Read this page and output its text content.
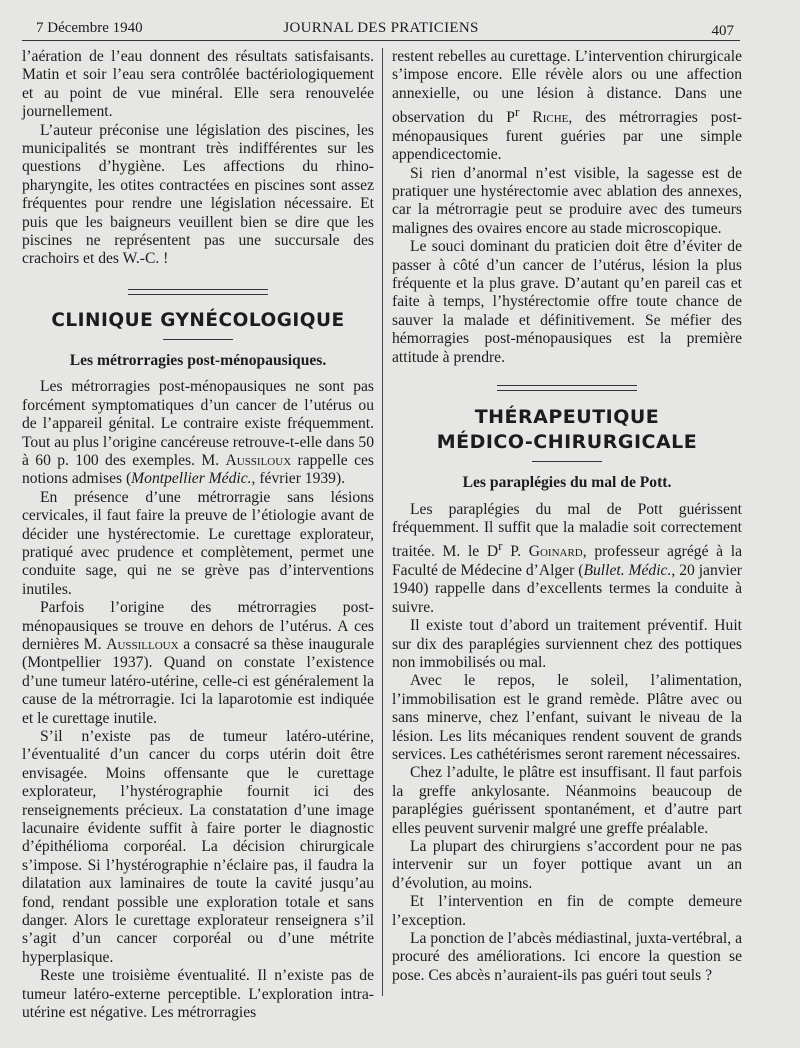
7 Décembre 1940	JOURNAL DES PRATICIENS	407

l’aération de l’eau donnent des résultats satisfaisants. Matin et soir l’eau sera contrôlée bactériologiquement et au point de vue minéral. Elle sera renouvelée journellement.

L’auteur préconise une législation des piscines, les municipalités se montrant très indifférentes sur les questions d’hygiène. Les affections du rhino-pharyngite, les otites contractées en piscines sont assez fréquentes pour rendre une législation nécessaire. Et puis que les baigneurs veuillent bien se dire que les piscines ne représentent pas une succursale des crachoirs et des W.-C. !

CLINIQUE GYNÉCOLOGIQUE
Les métrorragies post-ménopausiques.

Les métrorragies post-ménopausiques ne sont pas forcément symptomatiques d’un cancer de l’utérus ou de l’appareil génital. Le contraire existe fréquemment. Tout au plus l’origine cancéreuse retrouve-t-elle dans 50 à 60 p. 100 des exemples. M. Aussiloux rappelle ces notions admises (Montpellier Médic., février 1939).

En présence d’une métrorragie sans lésions cervicales, il faut faire la preuve de l’étiologie avant de décider une hystérectomie. Le curettage explorateur, pratiqué avec prudence et complètement, permet une conduite sage, qui ne se grève pas d’interventions inutiles.

Parfois l’origine des métrorragies post-ménopausiques se trouve en dehors de l’utérus. A ces dernières M. Aussilloux a consacré sa thèse inaugurale (Montpellier 1937). Quand on constate l’existence d’une tumeur latéro-utérine, celle-ci est généralement la cause de la métrorragie. Ici la laparotomie est indiquée et le curettage inutile.

S’il n’existe pas de tumeur latéro-utérine, l’éventualité d’un cancer du corps utérin doit être envisagée. Moins offensante que le curettage explorateur, l’hystérographie fournit ici des renseignements précieux. La constatation d’une image lacunaire évidente suffit à faire porter le diagnostic d’épithélioma corporéal. La décision chirurgicale s’impose. Si l’hystérographie n’éclaire pas, il faudra la dilatation aux laminaires de toute la cavité jusqu’au fond, rendant possible une exploration totale et sans danger. Alors le curettage explorateur renseignera s’il s’agit d’un cancer corporéal ou d’une métrite hyperplasique.

Reste une troisième éventualité. Il n’existe pas de tumeur latéro-externe perceptible. L’exploration intra-utérine est négative. Les métrorragies

restent rebelles au curettage. L’intervention chirurgicale s’impose encore. Elle révèle alors ou une affection annexielle, ou une lésion à distance. Dans une observation du $P^r$ Riche, des métrorragies post-ménopausiques furent guéries par une simple appendicectomie.

Si rien d’anormal n’est visible, la sagesse est de pratiquer une hystérectomie avec ablation des annexes, car la métrorragie peut se produire avec des tumeurs malignes des ovaires encore au stade microscopique.

Le souci dominant du praticien doit être d’éviter de passer à côté d’un cancer de l’utérus, lésion la plus fréquente et la plus grave. D’autant qu’en pareil cas et faite à temps, l’hystérectomie offre toute chance de sauver la malade et définitivement. Se méfier des hémorragies post-ménopausiques est la première attitude à prendre.

THÉRAPEUTIQUE
MÉDICO-CHIRURGICALE
Les paraplégies du mal de Pott.

Les paraplégies du mal de Pott guérissent fréquemment. Il suffit que la maladie soit correctement traitée. M. le $D^r$ P. Goinard, professeur agrégé à la Faculté de Médecine d’Alger (Bullet. Médic., 20 janvier 1940) rappelle dans d’excellents termes la conduite à suivre.

Il existe tout d’abord un traitement préventif. Huit sur dix des paraplégies surviennent chez des pottiques non immobilisés ou mal.

Avec le repos, le soleil, l’alimentation, l’immobilisation est le grand remède. Plâtre avec ou sans minerve, chez l’enfant, suivant le niveau de la lésion. Les lits mécaniques rendent souvent de grands services. Les cathétérismes seront rarement nécessaires.

Chez l’adulte, le plâtre est insuffisant. Il faut parfois la greffe ankylosante. Néanmoins beaucoup de paraplégies guérissent spontanément, et d’autre part elles peuvent survenir malgré une greffe préalable.

La plupart des chirurgiens s’accordent pour ne pas intervenir sur un foyer pottique avant un an d’évolution, au moins.

Et l’intervention en fin de compte demeure l’exception.

La ponction de l’abcès médiastinal, juxta-vertébral, a procuré des améliorations. Ici encore la question se pose. Ces abcès n’auraient-ils pas guéri tout seuls ?
